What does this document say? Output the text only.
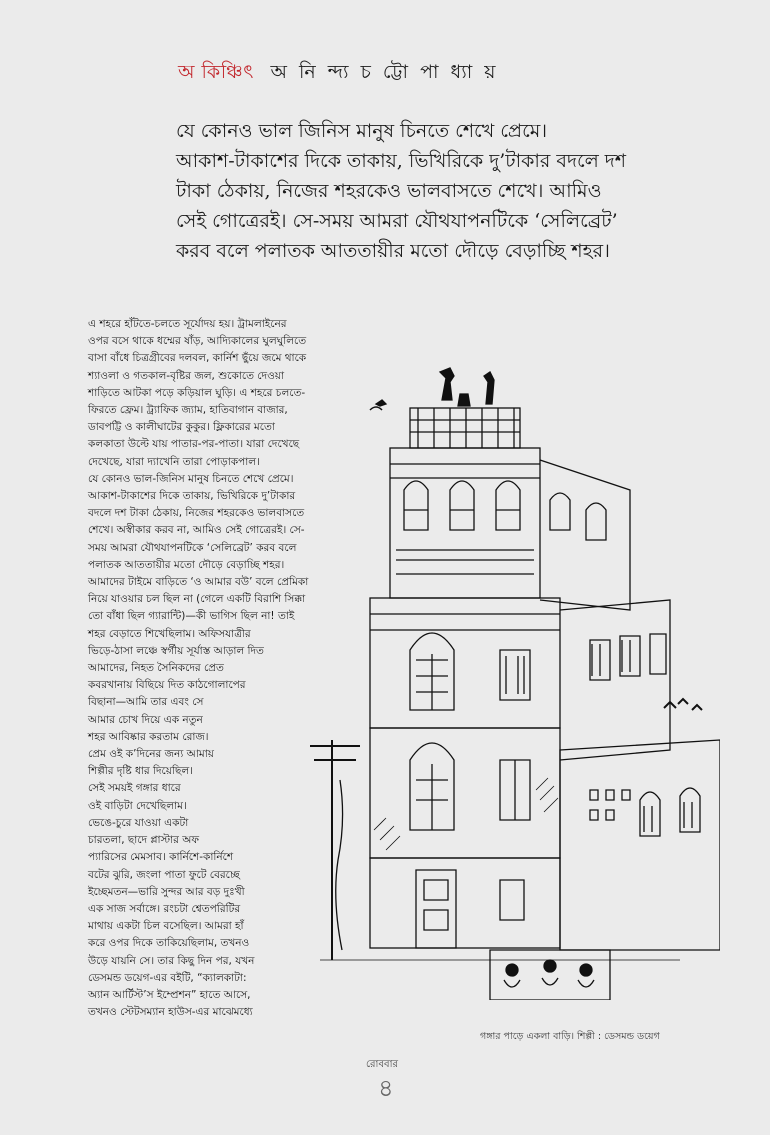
অ কিঞ্চিৎ অ নি ন্দ্য চ ট্টো পা ধ্যা য়

যে কোনও ভাল জিনিস মানুষ চিনতে শেখে প্রেমে।

আকাশ-টাকাশের দিকে তাকায়, ভিখিরিকে দু’টাকার বদলে দশ

টাকা ঠেকায়, নিজের শহরকেও ভালবাসতে শেখে। আমিও

সেই গোত্রেরই। সে-সময় আমরা যৌথযাপনটিকে ‘সেলিব্রেট’

করব বলে পলাতক আততায়ীর মতো দৌড়ে বেড়াচ্ছি শহর।

এ শহরে হাঁটতে-চলতে সূর্যোদয় হয়। ট্রামলাইনের

ওপর বসে থাকে ধম্মের ষাঁড়, আদ্যিকালের ঘুলঘুলিতে

বাসা বাঁধে চিত্রগ্রীবের দলবল, কার্নিশ ছুঁয়ে জমে থাকে

শ্যাওলা ও গতকাল-বৃষ্টির জল, শুকোতে দেওয়া

শাড়িতে আটকা পড়ে কড়িয়াল ঘুড়ি। এ শহরে চলতে-

ফিরতে ফ্রেম। ট্র্যাফিক জ্যাম, হাতিবাগান বাজার,

ডাবপট্টি ও কালীঘাটের কুকুর। ফ্লিকারের মতো

কলকাতা উল্টে যায় পাতার-পর-পাতা। যারা দেখেছে

দেখেছে, যারা দ্যাখেনি তারা পোড়াকপাল।

যে কোনও ভাল-জিনিস মানুষ চিনতে শেখে প্রেমে।

আকাশ-টাকাশের দিকে তাকায়, ভিখিরিকে দু’টাকার

বদলে দশ টাকা ঠেকায়, নিজের শহরকেও ভালবাসতে

শেখে। অস্বীকার করব না, আমিও সেই গোত্রেরই। সে-

সময় আমরা যৌথযাপনটিকে ‘সেলিব্রেট’ করব বলে

পলাতক আততায়ীর মতো দৌড়ে বেড়াচ্ছি শহর।

আমাদের টাইমে বাড়িতে ‘ও আমার বউ’ বলে প্রেমিকা

নিয়ে যাওয়ার চল ছিল না (গেলে একটি বিরাশি সিক্কা

তো বাঁধা ছিল গ্যারান্টি)—কী ভাগিস ছিল না! তাই

শহর বেড়াতে শিখেছিলাম। অফিসযাত্রীর

ভিড়ে-ঠাসা লঞ্চে স্বর্গীয় সূর্যাস্ত আড়াল দিত

আমাদের, নিহত সৈনিকদের প্রেত

কবরখানায় বিছিয়ে দিত কাঠগোলাপের

বিছানা—আমি তার এবং সে

আমার চোখ দিয়ে এক নতুন

শহর আবিষ্কার করতাম রোজ।

প্রেম ওই ক’দিনের জন্য আমায়

শিল্পীর দৃষ্টি ধার দিয়েছিল।

সেই সময়ই গঙ্গার ধারে

ওই বাড়িটা দেখেছিলাম।

ভেঙে-চুরে যাওয়া একটা

চারতলা, ছাদে প্লাস্টার অফ

প্যারিসের মেমসাব। কার্নিশে-কার্নিশে

বটের ঝুরি, জংলা পাতা ফুটে বেরচ্ছে

ইচ্ছেমতন—ভারি সুন্দর আর বড় দুঃখী

এক সাজ সর্বাঙ্গে। রংচটা শ্বেতপরিটির

মাথায় একটা চিল বসেছিল। আমরা হাঁ

করে ওপর দিকে তাকিয়েছিলাম, তখনও

উড়ে যায়নি সে। তার কিছু দিন পর, যখন

ডেসমন্ড ডয়েগ-এর বইটি, “ক্যালকাটা:

অ্যান আর্টিস্ট’স ইম্প্রেশন” হাতে আসে,

তখনও স্টেটসম্যান হাউস-এর মাঝেমধ্যে

গঙ্গার পাড়ে একলা বাড়ি। শিল্পী : ডেসমন্ড ডয়েগ
রোববার
৪
